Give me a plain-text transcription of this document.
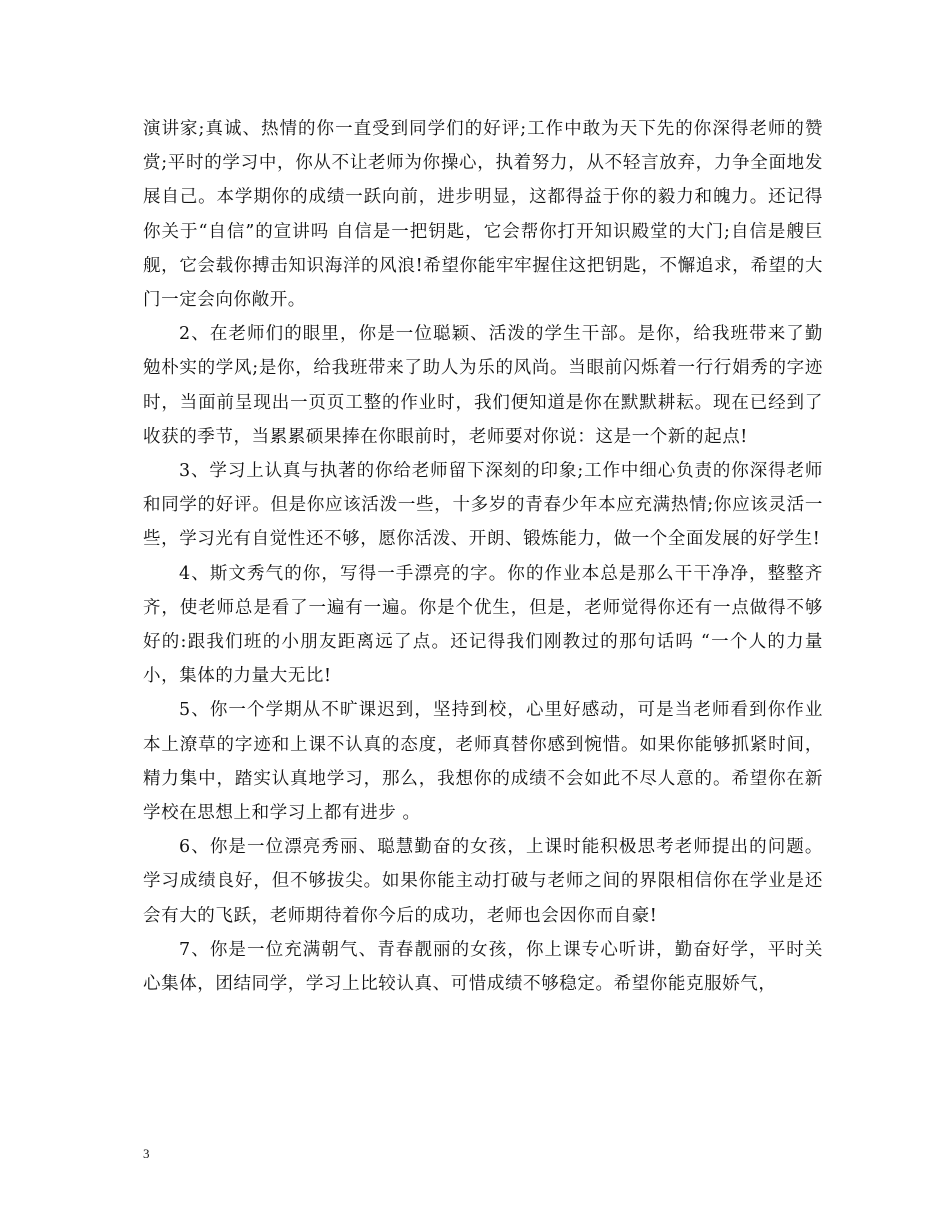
演讲家;真诚、热情的你一直受到同学们的好评;工作中敢为天下先的你深得老师的赞赏;平时的学习中，你从不让老师为你操心，执着努力，从不轻言放弃，力争全面地发展自己。本学期你的成绩一跃向前，进步明显，这都得益于你的毅力和魄力。还记得你关于“自信”的宣讲吗 自信是一把钥匙，它会帮你打开知识殿堂的大门;自信是艘巨舰，它会载你搏击知识海洋的风浪!希望你能牢牢握住这把钥匙，不懈追求，希望的大门一定会向你敞开。

2、在老师们的眼里，你是一位聪颖、活泼的学生干部。是你，给我班带来了勤勉朴实的学风;是你，给我班带来了助人为乐的风尚。当眼前闪烁着一行行娟秀的字迹时，当面前呈现出一页页工整的作业时，我们便知道是你在默默耕耘。现在已经到了收获的季节，当累累硕果捧在你眼前时，老师要对你说：这是一个新的起点!

3、学习上认真与执著的你给老师留下深刻的印象;工作中细心负责的你深得老师和同学的好评。但是你应该活泼一些，十多岁的青春少年本应充满热情;你应该灵活一些，学习光有自觉性还不够，愿你活泼、开朗、锻炼能力，做一个全面发展的好学生!

4、斯文秀气的你，写得一手漂亮的字。你的作业本总是那么干干净净，整整齐齐，使老师总是看了一遍有一遍。你是个优生，但是，老师觉得你还有一点做得不够好的:跟我们班的小朋友距离远了点。还记得我们刚教过的那句话吗 “一个人的力量小，集体的力量大无比!

5、你一个学期从不旷课迟到，坚持到校，心里好感动，可是当老师看到你作业本上潦草的字迹和上课不认真的态度，老师真替你感到惋惜。如果你能够抓紧时间，精力集中，踏实认真地学习，那么，我想你的成绩不会如此不尽人意的。希望你在新学校在思想上和学习上都有进步 。

6、你是一位漂亮秀丽、聪慧勤奋的女孩，上课时能积极思考老师提出的问题。学习成绩良好，但不够拔尖。如果你能主动打破与老师之间的界限相信你在学业是还会有大的飞跃，老师期待着你今后的成功，老师也会因你而自豪!

7、你是一位充满朝气、青春靓丽的女孩，你上课专心听讲，勤奋好学，平时关心集体，团结同学，学习上比较认真、可惜成绩不够稳定。希望你能克服娇气，

3
